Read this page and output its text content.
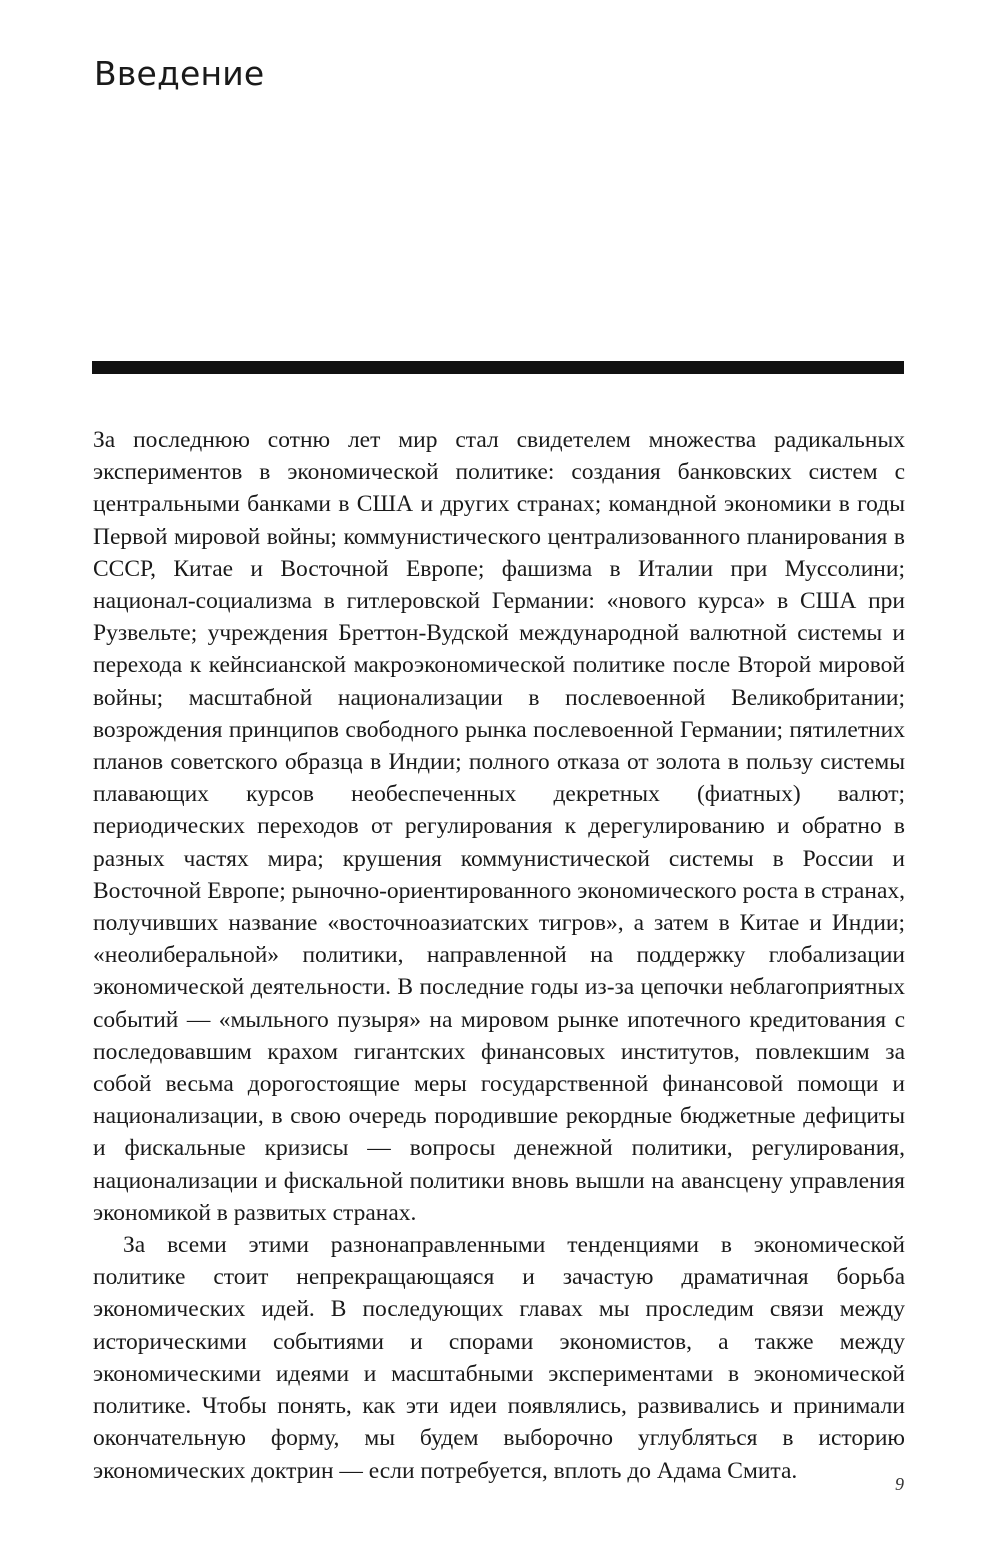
Введение

За последнюю сотню лет мир стал свидетелем множества радикальных экспериментов в экономической политике: создания банковских систем с центральными банками в США и других странах; командной экономики в годы Первой мировой войны; коммунистического централизованного планирования в СССР, Китае и Восточной Европе; фашизма в Италии при Муссолини; национал-социализма в гитлеровской Германии: «нового курса» в США при Рузвельте; учреждения Бреттон-Вудской международной валютной системы и перехода к кейнсианской макроэкономической политике после Второй мировой войны; масштабной национализации в послевоенной Великобритании; возрождения принципов свободного рынка послевоенной Германии; пятилетних планов советского образца в Индии; полного отказа от золота в пользу системы плавающих курсов необеспеченных декретных (фиатных) валют; периодических переходов от регулирования к дерегулированию и обратно в разных частях мира; крушения коммунистической системы в России и Восточной Европе; рыночно-ориентированного экономического роста в странах, получивших название «восточноазиатских тигров», а затем в Китае и Индии; «неолиберальной» политики, направленной на поддержку глобализации экономической деятельности. В последние годы из-за цепочки неблагоприятных событий — «мыльного пузыря» на мировом рынке ипотечного кредитования с последовавшим крахом гигантских финансовых институтов, повлекшим за собой весьма дорогостоящие меры государственной финансовой помощи и национализации, в свою очередь породившие рекордные бюджетные дефициты и фискальные кризисы — вопросы денежной политики, регулирования, национализации и фискальной политики вновь вышли на авансцену управления экономикой в развитых странах.

За всеми этими разнонаправленными тенденциями в экономической политике стоит непрекращающаяся и зачастую драматичная борьба экономических идей. В последующих главах мы проследим связи между историческими событиями и спорами экономистов, а также между экономическими идеями и масштабными экспериментами в экономической политике. Чтобы понять, как эти идеи появлялись, развивались и принимали окончательную форму, мы будем выборочно углубляться в историю экономических доктрин — если потребуется, вплоть до Адама Смита.

9
